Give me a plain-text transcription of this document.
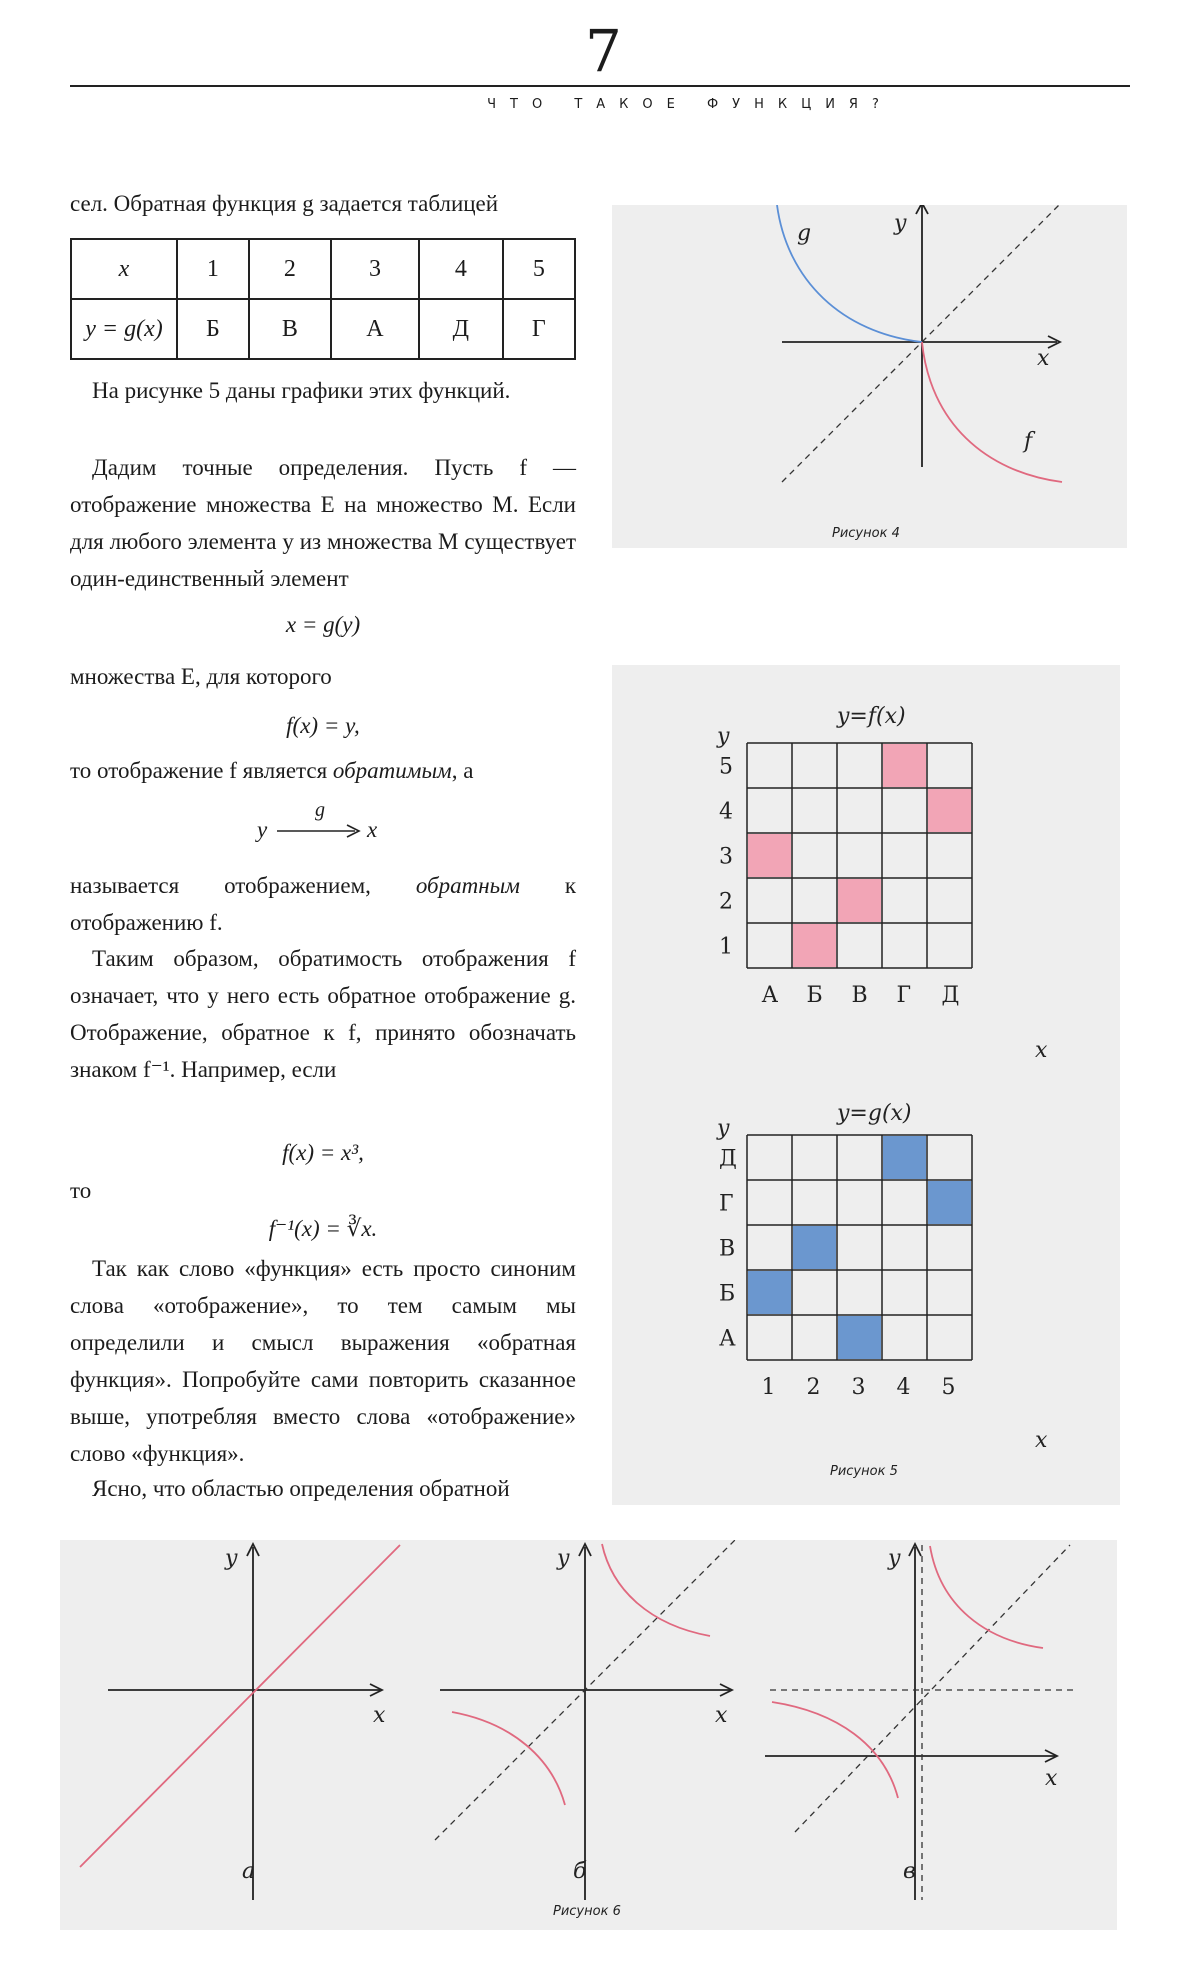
7
ЧТО ТАКОЕ ФУНКЦИЯ?
сел. Обратная функция g задается таблицей
x	1	2	3	4	5
y = g(x)	Б	В	А	Д	Г
На рисунке 5 даны графики этих функций.
Дадим точные определения. Пусть f — отображение множества E на множество M. Если для любого элемента y из множества M существует один-единственный элемент
x = g(y)
множества E, для которого
f(x) = y,
то отображение f является обратимым, а
y
g
x
называется отображением, обратным к отображению f.
Таким образом, обратимость отображения f означает, что у него есть обратное отображение g. Отображение, обратное к f, принято обозначать знаком f⁻¹. Например, если
f(x) = x³,
то
f⁻¹(x) = ∛x.
Так как слово «функция» есть просто синоним слова «отображение», то тем самым мы определили и смысл выражения «обратная функция». Попробуйте сами повторить сказанное выше, употребляя вместо слова «отображение» слово «функция».
Ясно, что областью определения обратной
g	y
x
f
Рисунок 4
5
4
3
2
1
А Б В Г Д
Д
Г
В
Б
А
1 2 3 4 5
y=f(x)
y
x
y=g(x)
y
x
Рисунок 5
y
x
а
y
x
б
y
x
в
Рисунок 6
